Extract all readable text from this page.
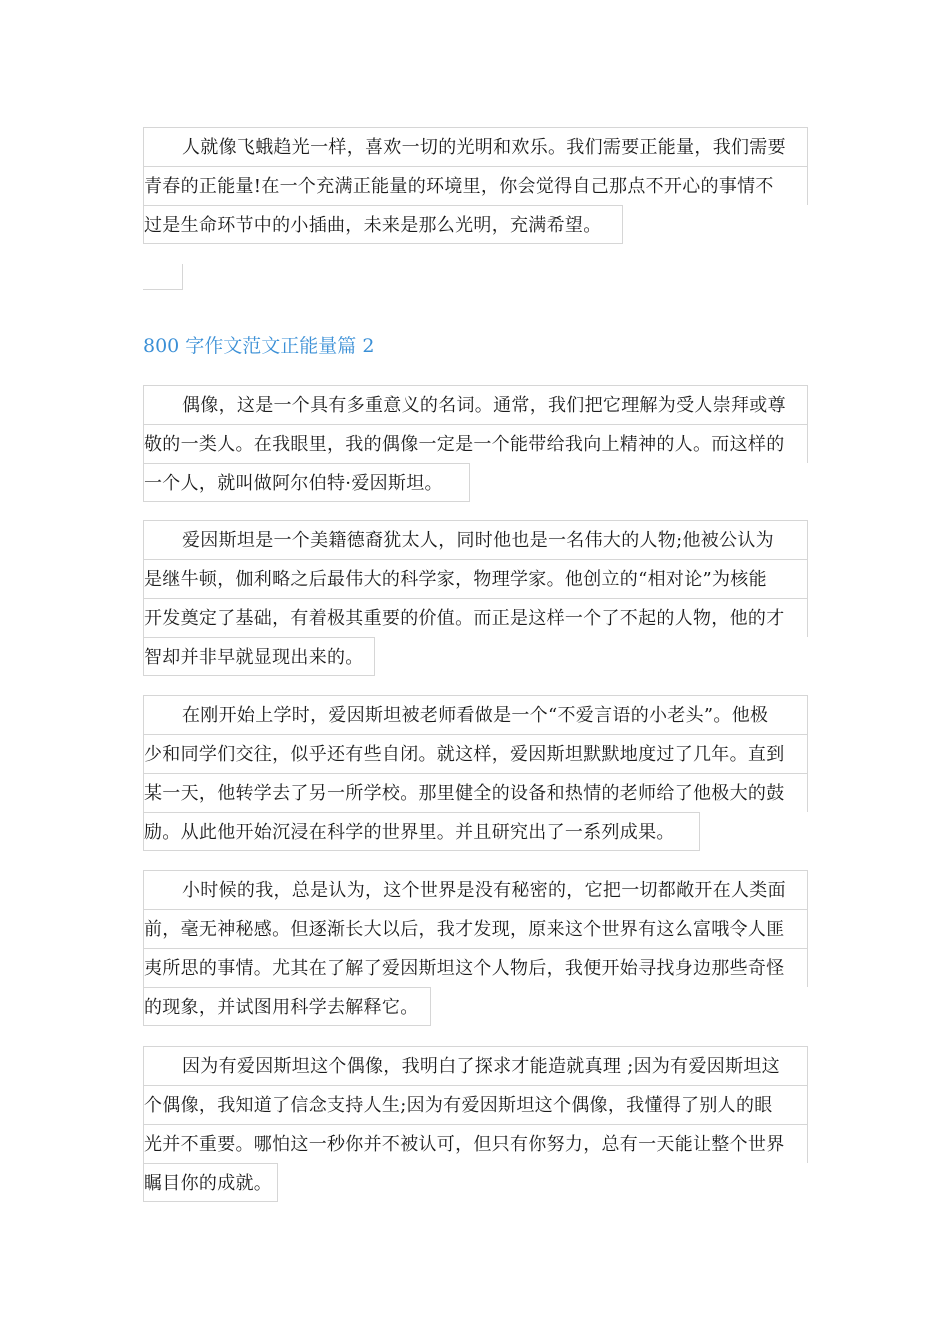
人就像飞蛾趋光一样，喜欢一切的光明和欢乐。我们需要正能量，我们需要
青春的正能量!在一个充满正能量的环境里，你会觉得自己那点不开心的事情不
过是生命环节中的小插曲，未来是那么光明，充满希望。
800 字作文范文正能量篇 2
偶像，这是一个具有多重意义的名词。通常，我们把它理解为受人崇拜或尊
敬的一类人。在我眼里，我的偶像一定是一个能带给我向上精神的人。而这样的
一个人，就叫做阿尔伯特·爱因斯坦。
爱因斯坦是一个美籍德裔犹太人，同时他也是一名伟大的人物;他被公认为
是继牛顿，伽利略之后最伟大的科学家，物理学家。他创立的“相对论”为核能
开发奠定了基础，有着极其重要的价值。而正是这样一个了不起的人物，他的才
智却并非早就显现出来的。
在刚开始上学时，爱因斯坦被老师看做是一个“不爱言语的小老头”。他极
少和同学们交往，似乎还有些自闭。就这样，爱因斯坦默默地度过了几年。直到
某一天，他转学去了另一所学校。那里健全的设备和热情的老师给了他极大的鼓
励。从此他开始沉浸在科学的世界里。并且研究出了一系列成果。
小时候的我，总是认为，这个世界是没有秘密的，它把一切都敞开在人类面
前，毫无神秘感。但逐渐长大以后，我才发现，原来这个世界有这么富哦令人匪
夷所思的事情。尤其在了解了爱因斯坦这个人物后，我便开始寻找身边那些奇怪
的现象，并试图用科学去解释它。
因为有爱因斯坦这个偶像，我明白了探求才能造就真理 ;因为有爱因斯坦这
个偶像，我知道了信念支持人生;因为有爱因斯坦这个偶像，我懂得了别人的眼
光并不重要。哪怕这一秒你并不被认可，但只有你努力，总有一天能让整个世界
瞩目你的成就。
